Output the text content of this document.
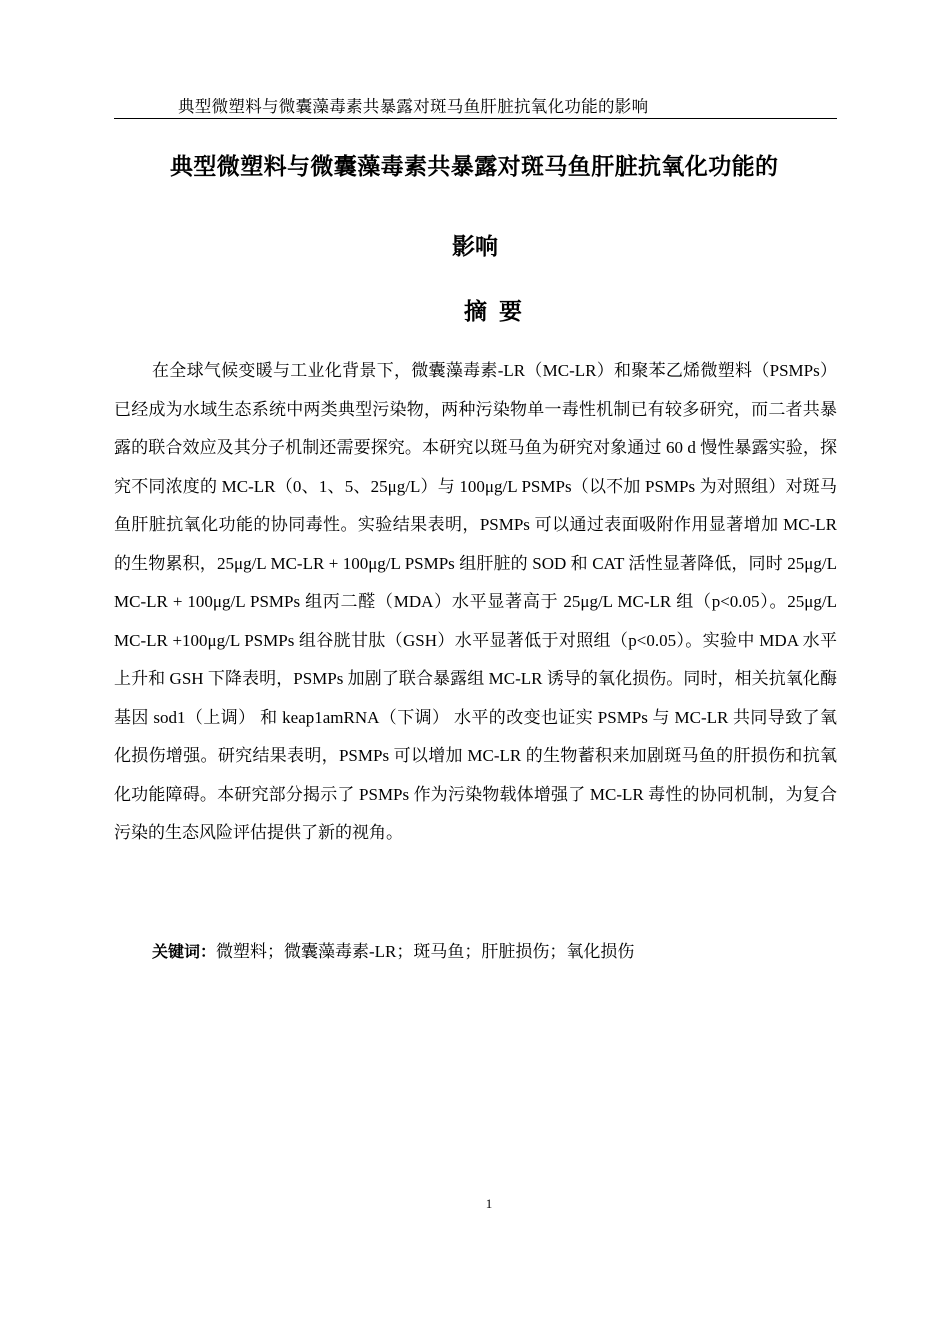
典型微塑料与微囊藻毒素共暴露对斑马鱼肝脏抗氧化功能的影响
典型微塑料与微囊藻毒素共暴露对斑马鱼肝脏抗氧化功能的
影响
摘要

在全球气候变暖与工业化背景下，微囊藻毒素-LR（MC-LR）和聚苯乙烯微塑料（PSMPs）已经成为水域生态系统中两类典型污染物，两种污染物单一毒性机制已有较多研究，而二者共暴露的联合效应及其分子机制还需要探究。本研究以斑马鱼为研究对象通过 60 d 慢性暴露实验，探究不同浓度的 MC-LR（0、1、5、25μg/L）与 100μg/L PSMPs（以不加 PSMPs 为对照组）对斑马鱼肝脏抗氧化功能的协同毒性。实验结果表明，PSMPs 可以通过表面吸附作用显著增加 MC-LR 的生物累积，25μg/L MC-LR + 100μg/L PSMPs 组肝脏的 SOD 和 CAT 活性显著降低，同时 25μg/L MC-LR + 100μg/L PSMPs 组丙二醛（MDA）水平显著高于 25μg/L MC-LR 组（p<0.05）。25μg/L MC-LR +100μg/L PSMPs 组谷胱甘肽（GSH）水平显著低于对照组（p<0.05）。实验中 MDA 水平上升和 GSH 下降表明，PSMPs 加剧了联合暴露组 MC-LR 诱导的氧化损伤。同时，相关抗氧化酶基因 sod1（上调） 和 keap1amRNA（下调） 水平的改变也证实 PSMPs 与 MC-LR 共同导致了氧化损伤增强。研究结果表明，PSMPs 可以增加 MC-LR 的生物蓄积来加剧斑马鱼的肝损伤和抗氧化功能障碍。本研究部分揭示了 PSMPs 作为污染物载体增强了 MC-LR 毒性的协同机制，为复合污染的生态风险评估提供了新的视角。

关键词：微塑料；微囊藻毒素-LR；斑马鱼；肝脏损伤；氧化损伤
1
